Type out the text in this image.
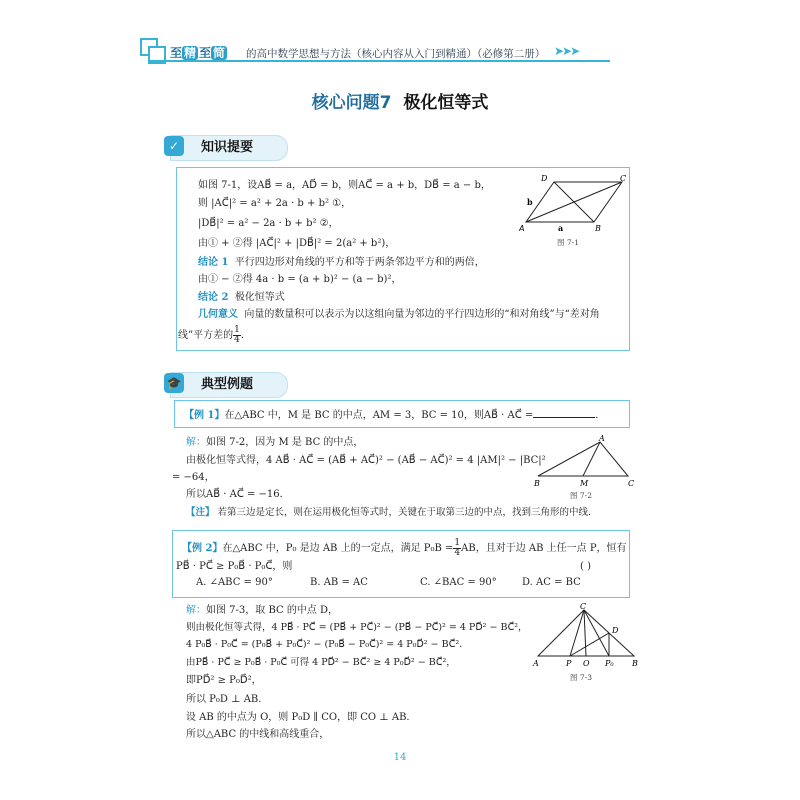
至 精 至 简 的高中数学思想与方法（核心内容从入门到精通）（必修第二册） ➤➤➤
核心问题7 极化恒等式
知识提要
✓
如图 7-1，设AB⃗ = a，AD⃗ = b，则AC⃗ = a + b，DB⃗ = a − b，
则 |AC⃗|² = a² + 2a · b + b² ①，
|DB⃗|² = a² − 2a · b + b² ②，
由① + ②得 |AC⃗|² + |DB⃗|² = 2(a² + b²)，
结论 1 平行四边形对角线的平方和等于两条邻边平方和的两倍，
由① − ②得 4a · b = (a + b)² − (a − b)²，
结论 2 极化恒等式
几何意义 向量的数量积可以表示为以这组向量为邻边的平行四边形的“和对角线”与“差对角
线”平方差的 $\frac{1}{4}$ ．
A	B
C
D
a
b
图 7-1
典型例题
🎓
【例 1】在△ABC 中，M 是 BC 的中点，AM = 3，BC = 10，则AB⃗ · AC⃗ =	．
解：如图 7-2，因为 M 是 BC 的中点，
由极化恒等式得，4 AB⃗ · AC⃗ = (AB⃗ + AC⃗)² − (AB⃗ − AC⃗)² = 4 |AM|² − |BC|²
= −64，
所以AB⃗ · AC⃗ = −16．
【注】 若第三边是定长，则在运用极化恒等式时，关键在于取第三边的中点，找到三角形的中线．
A
B	C
M
图 7-2
【例 2】在△ABC 中，P₀ 是边 AB 上的一定点，满足 $P_0B = \frac{1}{4}$ AB，且对于边 AB 上任一点 P，恒有
PB⃗ · PC⃗ ≥ P₀B⃗ · P₀C⃗，则	( )
A. ∠ABC = 90°	B. AB = AC	C. ∠BAC = 90°	D. AC = BC
解：如图 7-3，取 BC 的中点 D，
则由极化恒等式得，4 PB⃗ · PC⃗ = (PB⃗ + PC⃗)² − (PB⃗ − PC⃗)² = 4 PD⃗² − BC⃗²，
4 P₀B⃗ · P₀C⃗ = (P₀B⃗ + P₀C⃗)² − (P₀B⃗ − P₀C⃗)² = 4 P₀D⃗² − BC⃗²．
由PB⃗ · PC⃗ ≥ P₀B⃗ · P₀C⃗ 可得 4 PD⃗² − BC⃗² ≥ 4 P₀D⃗² − BC⃗²，
即PD⃗² ≥ P₀D⃗²，
所以 P₀D ⊥ AB．
设 AB 的中点为 O，则 P₀D ∥ CO，即 CO ⊥ AB．
所以△ABC 的中线和高线重合，
C
D
A	P O P₀ B
图 7-3
14
